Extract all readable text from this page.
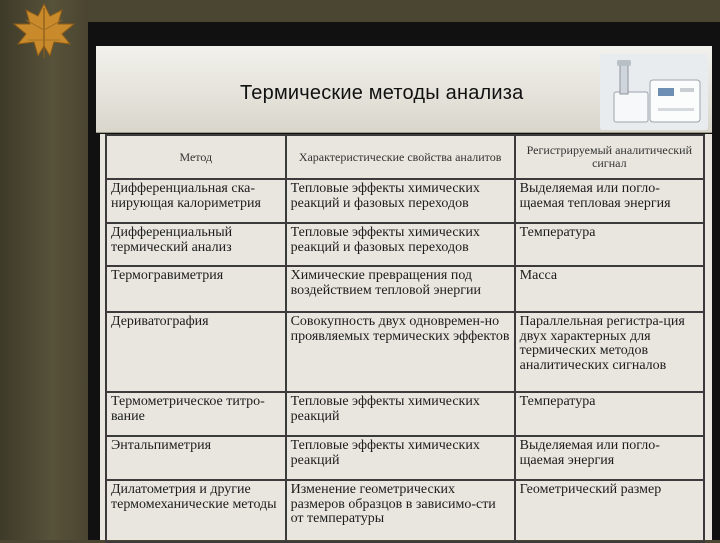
Термические методы анализа
Метод	Характеристические свойства аналитов	Регистрируемый аналитический сигнал
Дифференциальная ска-нирующая калориметрия	Тепловые эффекты химических реакций и фазовых переходов	Выделяемая или погло-щаемая тепловая энергия
Дифференциальный термический анализ	Тепловые эффекты химических реакций и фазовых переходов	Температура
Термогравиметрия	Химические превращения под воздействием тепловой энергии	Масса
Дериватография	Совокупность двух одновремен-но проявляемых термических эффектов	Параллельная регистра-ция двух характерных для термических методов аналитических сигналов
Термометрическое титро-вание	Тепловые эффекты химических реакций	Температура
Энтальпиметрия	Тепловые эффекты химических реакций	Выделяемая или погло-щаемая энергия
Дилатометрия и другие термомеханические методы	Изменение геометрических размеров образцов в зависимо-сти от температуры	Геометрический размер
